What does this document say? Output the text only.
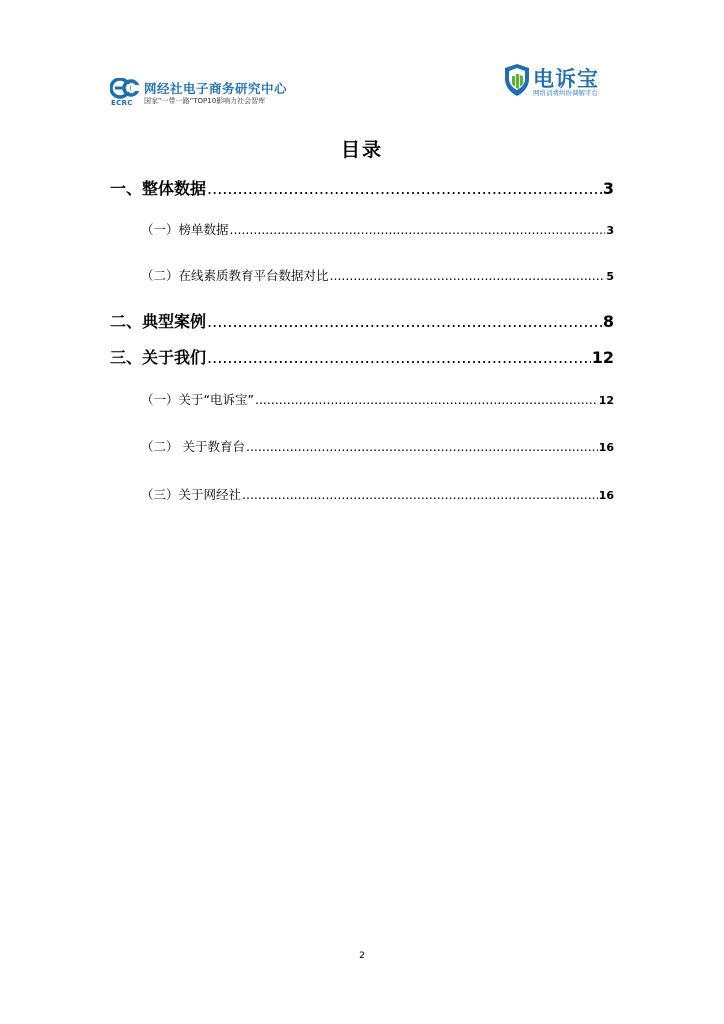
ECRC
网经社电子商务研究中心
国家“一带一路”TOP10影响力社会智库
电诉宝
网络消费纠纷调解平台
目录
一、整体数据 .....	3
（一）榜单数据 .....	3
（二）在线素质教育平台数据对比 .....	5
二、典型案例 .....	8
三、关于我们 .....	12
（一）关于“电诉宝” .....	12
（二） 关于教育台 .....	16
（三）关于网经社 .....	16
2
